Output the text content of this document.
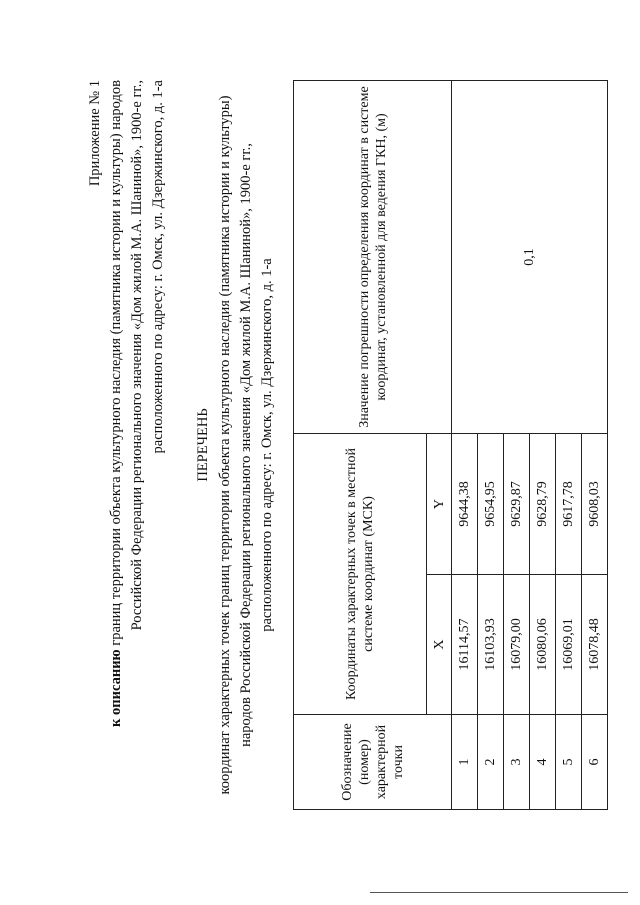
Приложение № 1
к описанию границ территории объекта культурного наследия (памятника истории и культуры) народов Российской Федерации регионального значения «Дом жилой М.А. Шаниной», 1900-е гг., расположенного по адресу: г. Омск, ул. Дзержинского, д. 1-а ПЕРЕЧЕНЬ координат характерных точек границ территории объекта культурного наследия (памятника истории и культуры) народов Российской Федерации регионального значения «Дом жилой М.А. Шаниной», 1900-е гг., расположенного по адресу: г. Омск, ул. Дзержинского, д. 1-а
Обозначение (номер) характерной точки	Координаты характерных точек в местной системе координат (МСК)		Значение погрешности определения координат в системе координат, установленной для ведения ГКН, (м)
	X	Y	
1	16114,57	9644,38	0,1
2	16103,93	9654,95	
3	16079,00	9629,87	
4	16080,06	9628,79	
5	16069,01	9617,78	
6	16078,48	9608,03	
